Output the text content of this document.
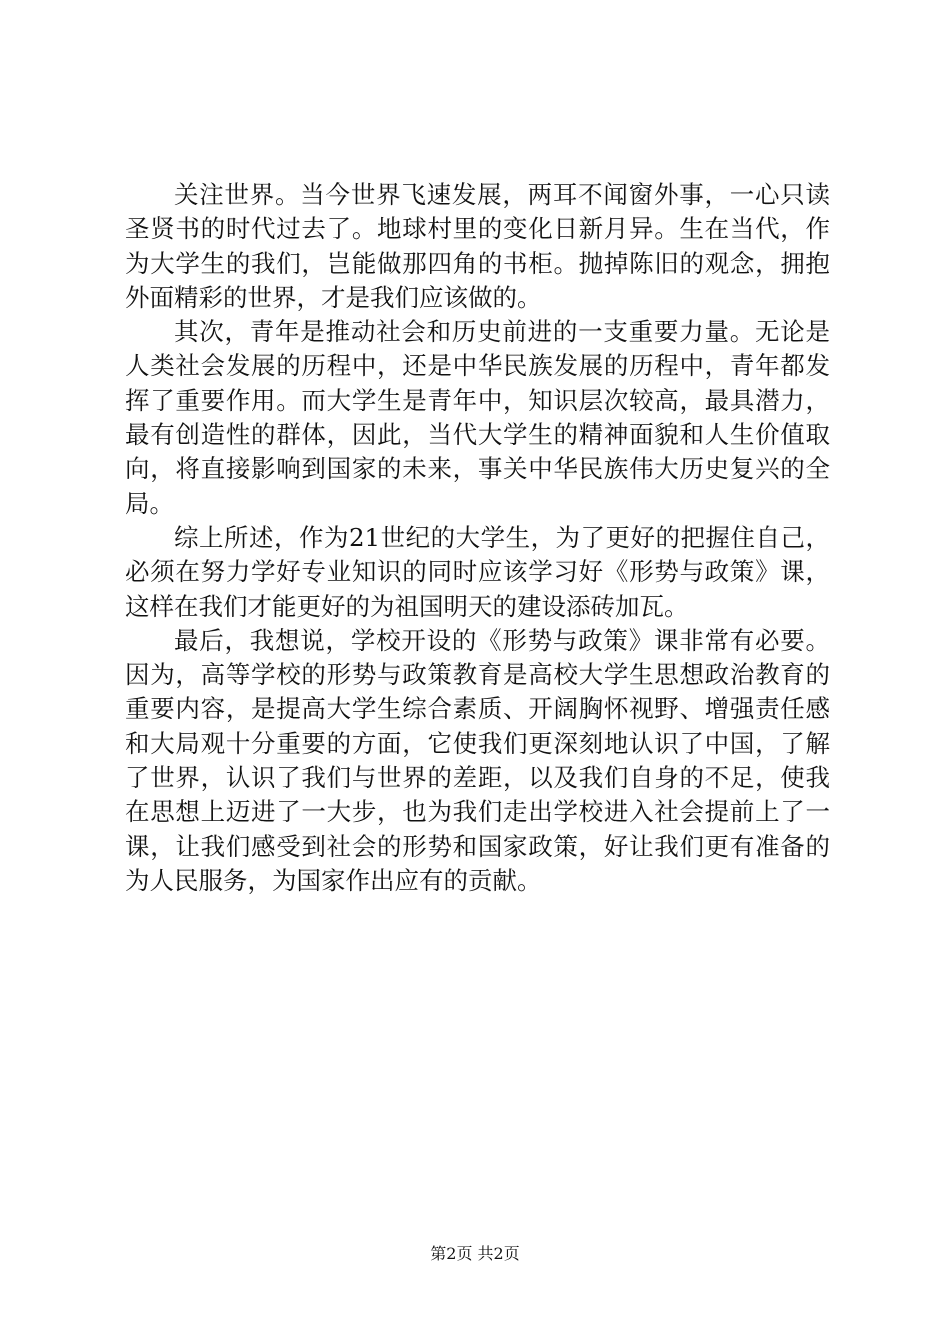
关注世界。当今世界飞速发展，两耳不闻窗外事，一心只读圣贤书的时代过去了。地球村里的变化日新月异。生在当代，作为大学生的我们，岂能做那四角的书柜。抛掉陈旧的观念，拥抱外面精彩的世界，才是我们应该做的。

其次，青年是推动社会和历史前进的一支重要力量。无论是人类社会发展的历程中，还是中华民族发展的历程中，青年都发挥了重要作用。而大学生是青年中，知识层次较高，最具潜力，最有创造性的群体，因此，当代大学生的精神面貌和人生价值取向，将直接影响到国家的未来，事关中华民族伟大历史复兴的全局。

综上所述，作为21世纪的大学生，为了更好的把握住自己，必须在努力学好专业知识的同时应该学习好《形势与政策》课，这样在我们才能更好的为祖国明天的建设添砖加瓦。

最后，我想说，学校开设的《形势与政策》课非常有必要。因为，高等学校的形势与政策教育是高校大学生思想政治教育的重要内容，是提高大学生综合素质、开阔胸怀视野、增强责任感和大局观十分重要的方面，它使我们更深刻地认识了中国，了解了世界，认识了我们与世界的差距，以及我们自身的不足，使我在思想上迈进了一大步，也为我们走出学校进入社会提前上了一课，让我们感受到社会的形势和国家政策，好让我们更有准备的为人民服务，为国家作出应有的贡献。

第2页 共2页
